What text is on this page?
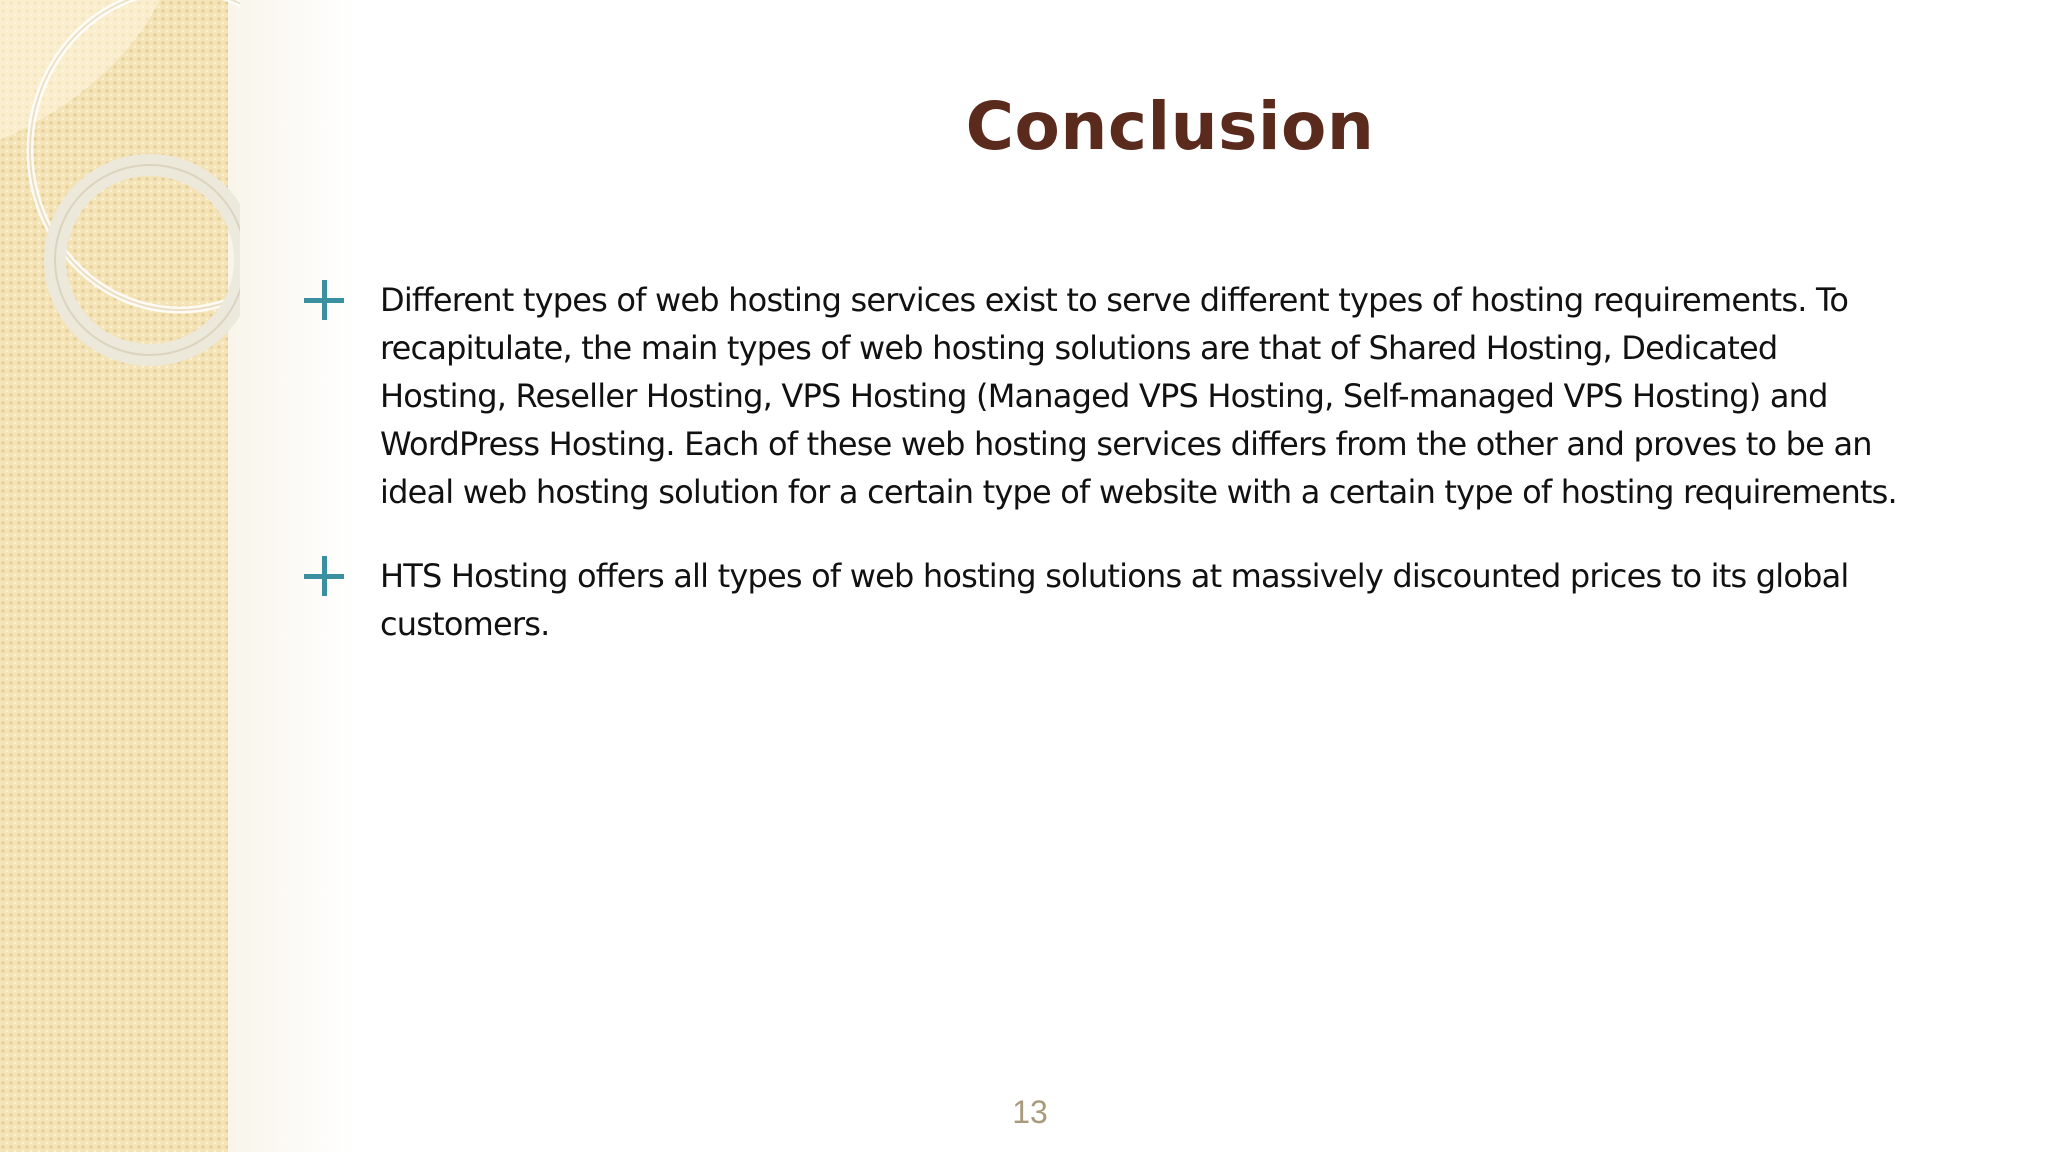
Conclusion

Different types of web hosting services exist to serve different types of hosting requirements. To recapitulate, the main types of web hosting solutions are that of Shared Hosting, Dedicated Hosting, Reseller Hosting, VPS Hosting (Managed VPS Hosting, Self-managed VPS Hosting) and WordPress Hosting. Each of these web hosting services differs from the other and proves to be an ideal web hosting solution for a certain type of website with a certain type of hosting requirements.

HTS Hosting offers all types of web hosting solutions at massively discounted prices to its global customers.

13
